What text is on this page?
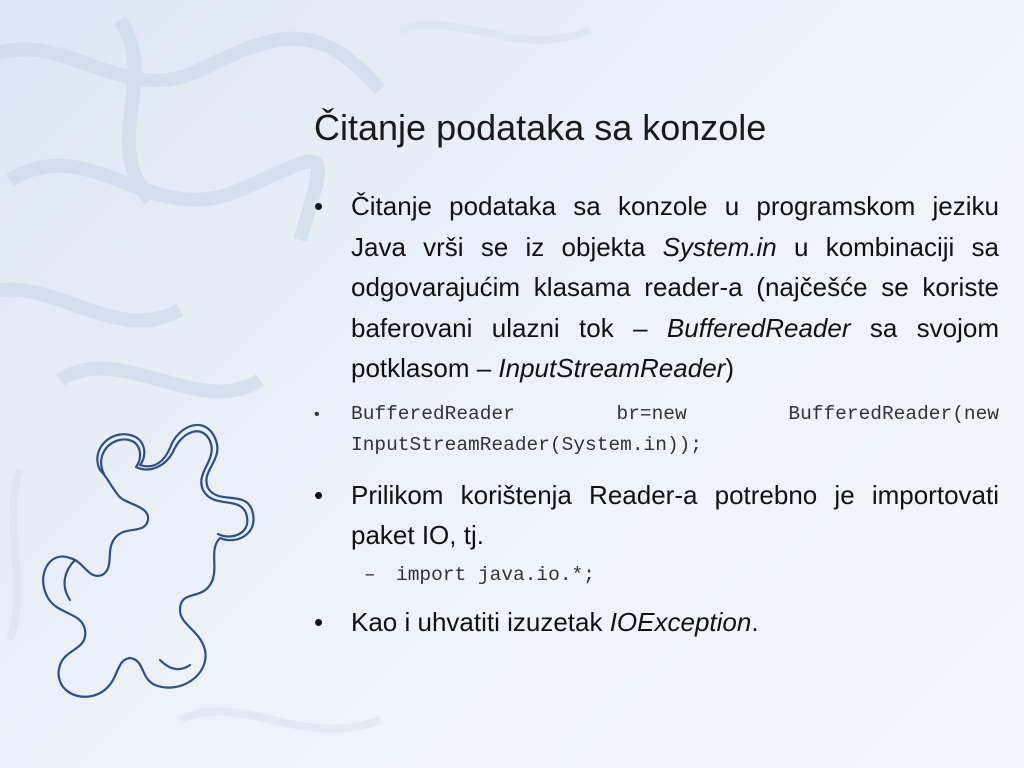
Čitanje podataka sa konzole
• Čitanje podataka sa konzole u programskom jeziku Java vrši se iz objekta System.in u kombinaciji sa odgovarajućim klasama reader-a (najčešće se koriste baferovani ulazni tok – BufferedReader sa svojom potklasom – InputStreamReader)
• BufferedReader br=new BufferedReader(new InputStreamReader(System.in));
• Prilikom korištenja Reader-a potrebno je importovati paket IO, tj.
– import java.io.*;
• Kao i uhvatiti izuzetak IOException.
